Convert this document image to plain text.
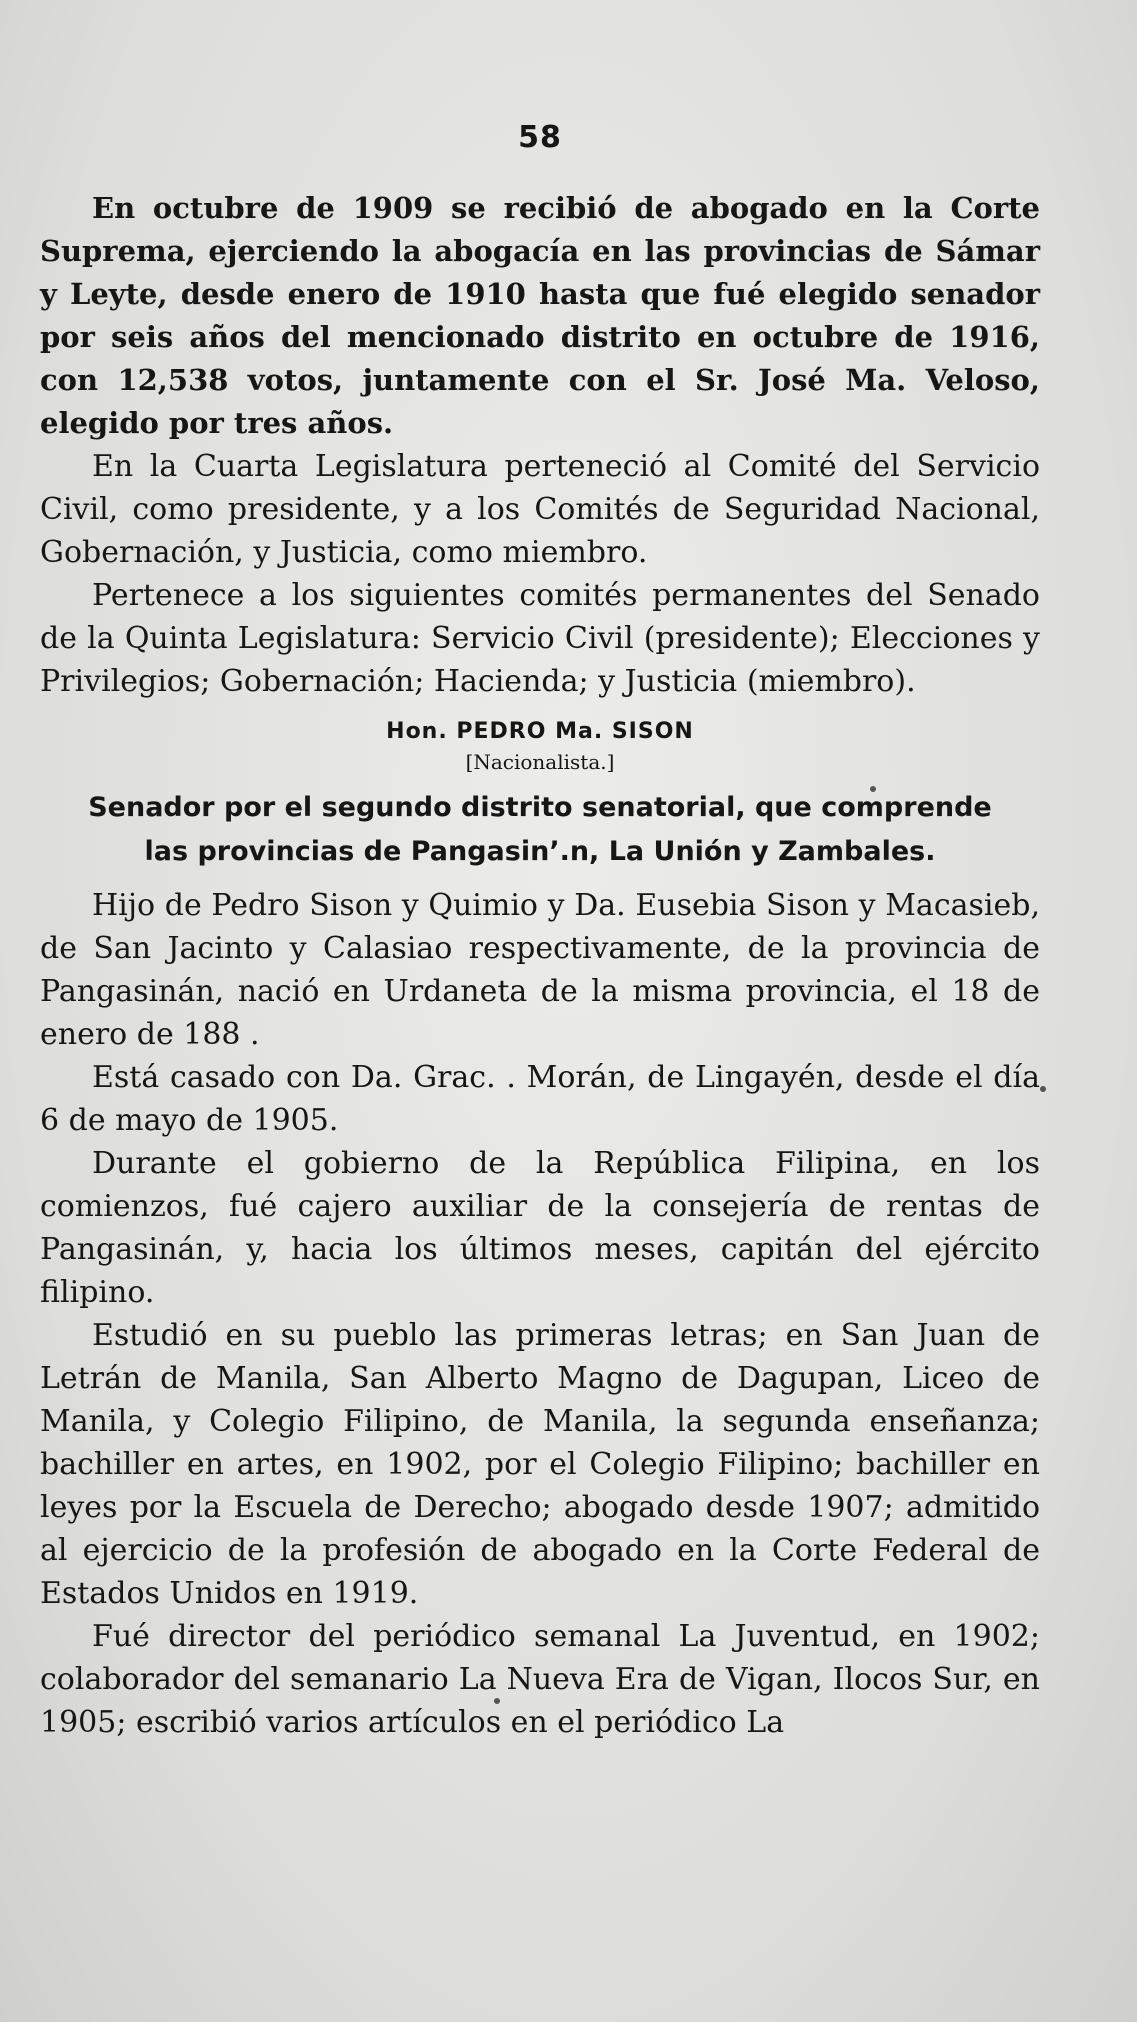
58

En octubre de 1909 se recibió de abogado en la Corte Suprema, ejerciendo la abogacía en las provincias de Sámar y Leyte, desde enero de 1910 hasta que fué elegido senador por seis años del mencionado distrito en octubre de 1916, con 12,538 votos, juntamente con el Sr. José Ma. Veloso, elegido por tres años.

En la Cuarta Legislatura perteneció al Comité del Servicio Civil, como presidente, y a los Comités de Seguridad Nacional, Gobernación, y Justicia, como miembro.

Pertenece a los siguientes comités permanentes del Senado de la Quinta Legislatura: Servicio Civil (presidente); Elecciones y Privilegios; Gobernación; Hacienda; y Justicia (miembro).

Hon. PEDRO Ma. SISON
[Nacionalista.]
Senador por el segundo distrito senatorial, que comprende
las provincias de Pangasin’.n, La Unión y Zambales.

Hijo de Pedro Sison y Quimio y Da. Eusebia Sison y Macasieb, de San Jacinto y Calasiao respectivamente, de la provincia de Pangasinán, nació en Urdaneta de la misma provincia, el 18 de enero de 188 .

Está casado con Da. Grac. . Morán, de Lingayén, desde el día 6 de mayo de 1905.

Durante el gobierno de la República Filipina, en los comienzos, fué cajero auxiliar de la consejería de rentas de Pangasinán, y, hacia los últimos meses, capitán del ejército filipino.

Estudió en su pueblo las primeras letras; en San Juan de Letrán de Manila, San Alberto Magno de Dagupan, Liceo de Manila, y Colegio Filipino, de Manila, la segunda enseñanza; bachiller en artes, en 1902, por el Colegio Filipino; bachiller en leyes por la Escuela de Derecho; abogado desde 1907; admitido al ejercicio de la profesión de abogado en la Corte Federal de Estados Unidos en 1919.

Fué director del periódico semanal La Juventud, en 1902; colaborador del semanario La Nueva Era de Vigan, Ilocos Sur, en 1905; escribió varios artículos en el periódico La
